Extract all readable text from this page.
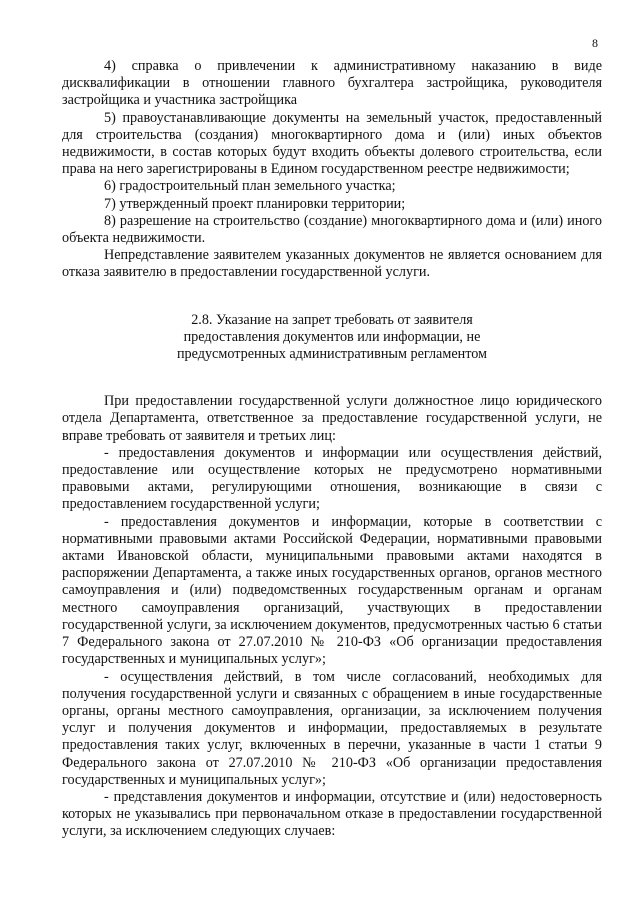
8

4) справка о привлечении к административному наказанию в виде дисквалификации в отношении главного бухгалтера застройщика, руководителя застройщика и участника застройщика

5) правоустанавливающие документы на земельный участок, предоставленный для строительства (создания) многоквартирного дома и (или) иных объектов недвижимости, в состав которых будут входить объекты долевого строительства, если права на него зарегистрированы в Едином государственном реестре недвижимости;

6) градостроительный план земельного участка;

7) утвержденный проект планировки территории;

8) разрешение на строительство (создание) многоквартирного дома и (или) иного объекта недвижимости.

Непредставление заявителем указанных документов не является основанием для отказа заявителю в предоставлении государственной услуги.

2.8. Указание на запрет требовать от заявителя
предоставления документов или информации, не
предусмотренных административным регламентом

При предоставлении государственной услуги должностное лицо юридического отдела Департамента, ответственное за предоставление государственной услуги, не вправе требовать от заявителя и третьих лиц:

- предоставления документов и информации или осуществления действий, предоставление или осуществление которых не предусмотрено нормативными правовыми актами, регулирующими отношения, возникающие в связи с предоставлением государственной услуги;

- предоставления документов и информации, которые в соответствии с нормативными правовыми актами Российской Федерации, нормативными правовыми актами Ивановской области, муниципальными правовыми актами находятся в распоряжении Департамента, а также иных государственных органов, органов местного самоуправления и (или) подведомственных государственным органам и органам местного самоуправления организаций, участвующих в предоставлении государственной услуги, за исключением документов, предусмотренных частью 6 статьи 7 Федерального закона от 27.07.2010 № 210-ФЗ «Об организации предоставления государственных и муниципальных услуг»;

- осуществления действий, в том числе согласований, необходимых для получения государственной услуги и связанных с обращением в иные государственные органы, органы местного самоуправления, организации, за исключением получения услуг и получения документов и информации, предоставляемых в результате предоставления таких услуг, включенных в перечни, указанные в части 1 статьи 9 Федерального закона от 27.07.2010 № 210-ФЗ «Об организации предоставления государственных и муниципальных услуг»;

- представления документов и информации, отсутствие и (или) недостоверность которых не указывались при первоначальном отказе в предоставлении государственной услуги, за исключением следующих случаев:
